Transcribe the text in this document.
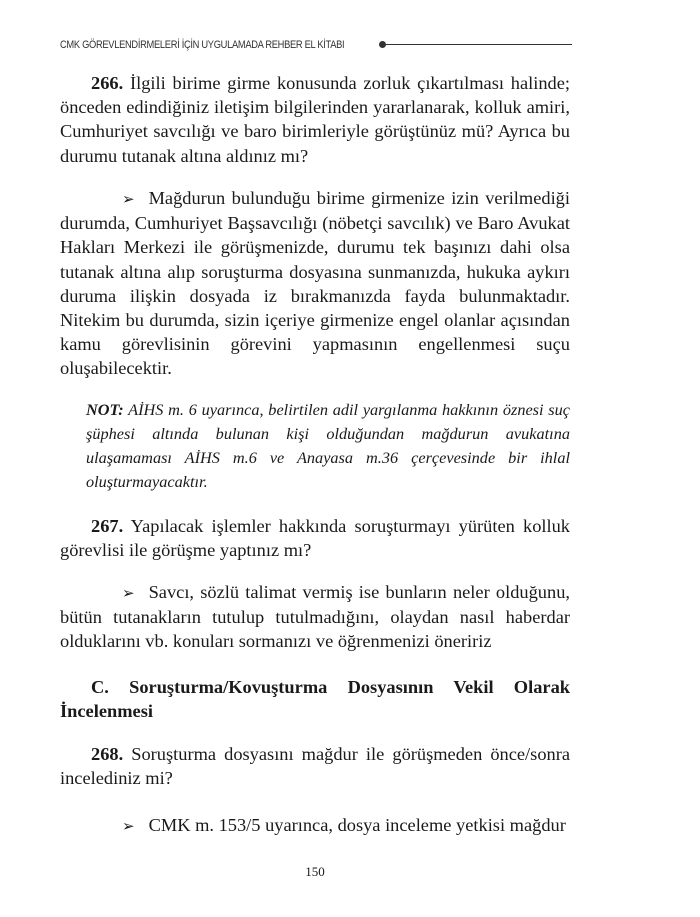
CMK GÖREVLENDİRMELERİ İÇİN UYGULAMADA REHBER EL KİTABI

266. İlgili birime girme konusunda zorluk çıkartılması halinde; önceden edindiğiniz iletişim bilgilerinden yararlanarak, kolluk amiri, Cumhuriyet savcılığı ve baro birimleriyle görüştünüz mü? Ayrıca bu durumu tutanak altına aldınız mı?

➢ Mağdurun bulunduğu birime girmenize izin verilmediği durumda, Cumhuriyet Başsavcılığı (nöbetçi savcılık) ve Baro Avukat Hakları Merkezi ile görüşmenizde, durumu tek başınızı dahi olsa tutanak altına alıp soruşturma dosyasına sunmanızda, hukuka aykırı duruma ilişkin dosyada iz bırakmanızda fayda bulunmaktadır. Nitekim bu durumda, sizin içeriye girmenize engel olanlar açısından kamu görevlisinin görevini yapmasının engellenmesi suçu oluşabilecektir.

NOT: AİHS m. 6 uyarınca, belirtilen adil yargılanma hakkının öznesi suç şüphesi altında bulunan kişi olduğundan mağdurun avukatına ulaşamaması AİHS m.6 ve Anayasa m.36 çerçevesinde bir ihlal oluşturmayacaktır.

267. Yapılacak işlemler hakkında soruşturmayı yürüten kolluk görevlisi ile görüşme yaptınız mı?

➢ Savcı, sözlü talimat vermiş ise bunların neler olduğunu, bütün tutanakların tutulup tutulmadığını, olaydan nasıl haberdar olduklarını vb. konuları sormanızı ve öğrenmenizi öneririz

C. Soruşturma/Kovuşturma Dosyasının Vekil Olarak İncelenmesi

268. Soruşturma dosyasını mağdur ile görüşmeden önce/sonra incelediniz mi?

➢ CMK m. 153/5 uyarınca, dosya inceleme yetkisi mağdur

150
